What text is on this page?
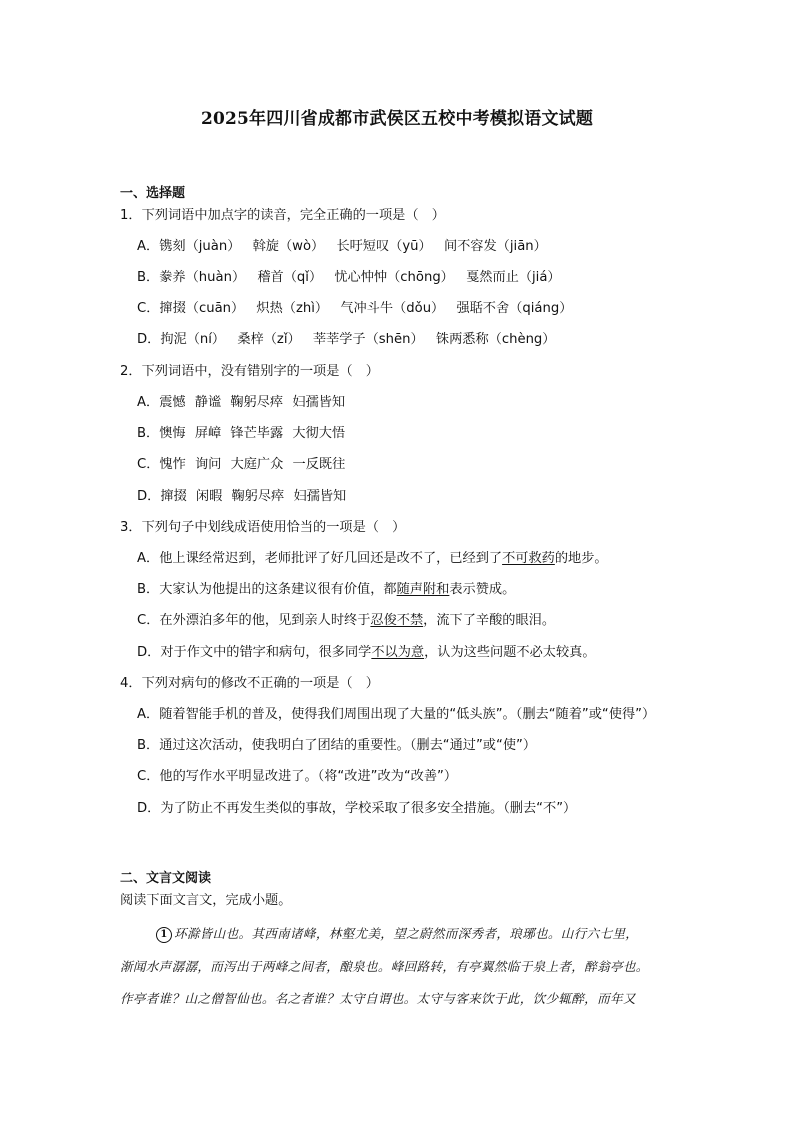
2025年四川省成都市武侯区五校中考模拟语文试题
一、选择题
1．下列词语中加点字的读音，完全正确的一项是（　）
A．镌刻（juàn） 斡旋（wò） 长吁短叹（yū） 间不容发（jiān）
B．豢养（huàn） 稽首（qǐ） 忧心忡忡（chōng） 戛然而止（jiá）
C．撺掇（cuān） 炽热（zhì） 气冲斗牛（dǒu） 强聒不舍（qiáng）
D．拘泥（ní） 桑梓（zǐ） 莘莘学子（shēn） 铢两悉称（chèng）
2．下列词语中，没有错别字的一项是（　）
A．震憾 静谧 鞠躬尽瘁 妇孺皆知
B．懊悔 屏嶂 锋芒毕露 大彻大悟
C．愧怍 询问 大庭广众 一反既往
D．撺掇 闲暇 鞠躬尽瘁 妇孺皆知
3．下列句子中划线成语使用恰当的一项是（　）
A．他上课经常迟到，老师批评了好几回还是改不了，已经到了不可救药的地步。
B．大家认为他提出的这条建议很有价值，都随声附和表示赞成。
C．在外漂泊多年的他，见到亲人时终于忍俊不禁，流下了辛酸的眼泪。
D．对于作文中的错字和病句，很多同学不以为意，认为这些问题不必太较真。
4．下列对病句的修改不正确的一项是（　）
A．随着智能手机的普及，使得我们周围出现了大量的“低头族”。（删去“随着”或“使得”）
B．通过这次活动，使我明白了团结的重要性。（删去“通过”或“使”）
C．他的写作水平明显改进了。（将“改进”改为“改善”）
D．为了防止不再发生类似的事故，学校采取了很多安全措施。（删去“不”）
二、文言文阅读
阅读下面文言文，完成小题。
1 环滁皆山也。其西南诸峰，林壑尤美，望之蔚然而深秀者，琅琊也。山行六七里，
渐闻水声潺潺，而泻出于两峰之间者，酿泉也。峰回路转，有亭翼然临于泉上者，醉翁亭也。
作亭者谁？山之僧智仙也。名之者谁？太守自谓也。太守与客来饮于此，饮少辄醉，而年又
